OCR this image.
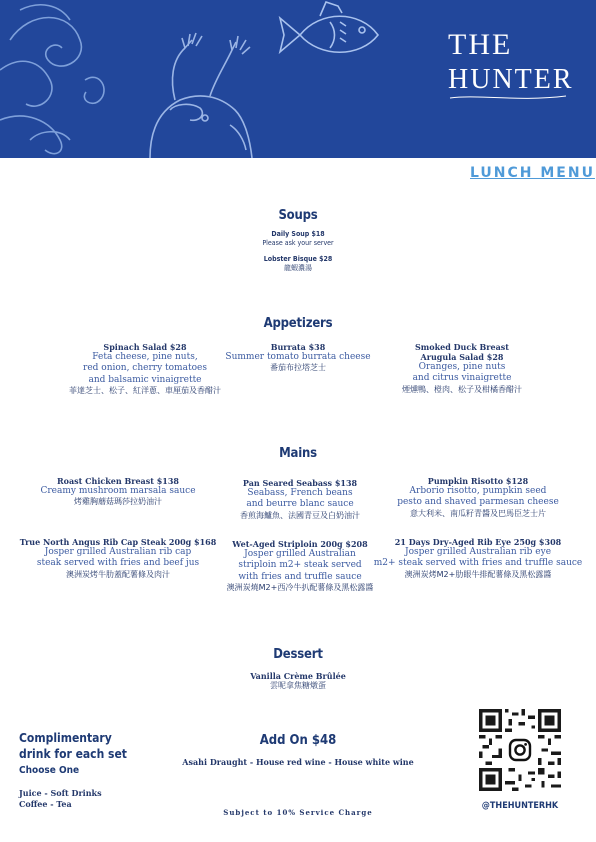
THE
HUNTER
LUNCH MENU
Soups
Daily Soup $18
Please ask your server
Lobster Bisque $28
龍蝦濃湯
Appetizers
Spinach Salad $28
Feta cheese, pine nuts,
red onion, cherry tomatoes
and balsamic vinaigrette
菲達芝士、松子、紅洋蔥、車厘茄及香醋汁
Burrata $38
Summer tomato burrata cheese
番茄布拉塔芝士
Smoked Duck Breast
Arugula Salad $28
Oranges, pine nuts
and citrus vinaigrette
煙燻鴨、橙肉、松子及柑橘香醋汁
Mains
Roast Chicken Breast $138
Creamy mushroom marsala sauce
烤雞胸蘑菇瑪莎拉奶油汁
Pan Seared Seabass $138
Seabass, French beans
and beurre blanc sauce
香煎海鱸魚、法國青豆及白奶油汁
Pumpkin Risotto $128
Arborio risotto, pumpkin seed
pesto and shaved parmesan cheese
意大利米、南瓜籽青醬及巴馬臣芝士片
True North Angus Rib Cap Steak 200g $168
Josper grilled Australian rib cap
steak served with fries and beef jus
澳洲炭烤牛肋蓋配薯條及肉汁
Wet-Aged Striploin 200g $208
Josper grilled Australian
striploin m2+ steak served
with fries and truffle sauce
澳洲炭燒M2+西冷牛扒配薯條及黑松露醬
21 Days Dry-Aged Rib Eye 250g $308
Josper grilled Australian rib eye
m2+ steak served with fries and truffle sauce
澳洲炭烤M2+肋眼牛排配薯條及黑松露醬
Dessert
Vanilla Crème Brûlée
雲呢拿焦糖燉蛋
Complimentary
drink for each set
Choose One
Juice - Soft Drinks
Coffee - Tea
Add On $48
Asahi Draught - House red wine - House white wine
Subject to 10% Service Charge
@THEHUNTERHK
